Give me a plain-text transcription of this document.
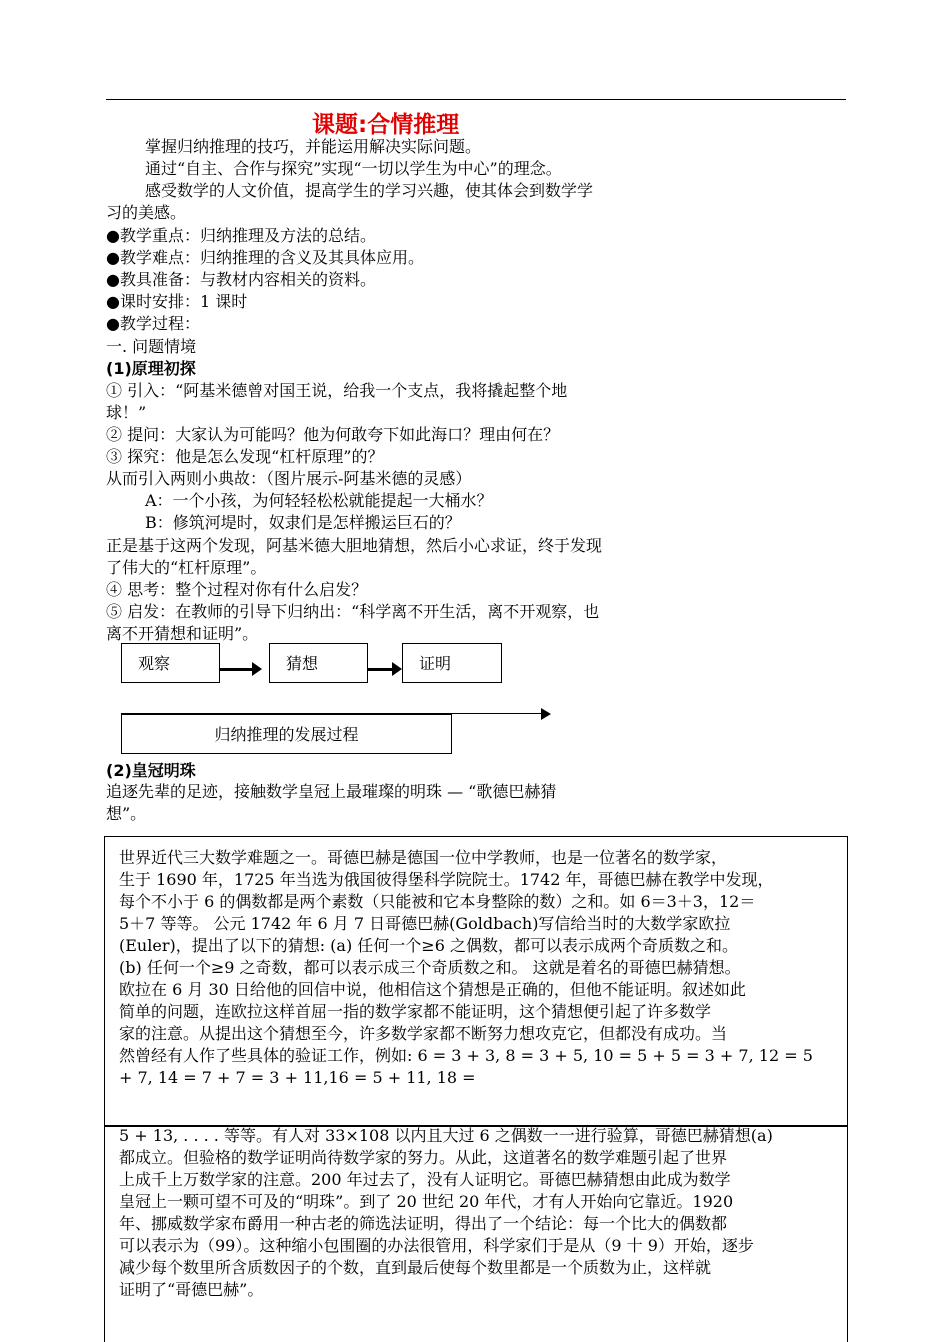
课题:合情推理
掌握归纳推理的技巧，并能运用解决实际问题。
通过“自主、合作与探究”实现“一切以学生为中心”的理念。
感受数学的人文价值，提高学生的学习兴趣，使其体会到数学学
习的美感。
●教学重点：归纳推理及方法的总结。
●教学难点：归纳推理的含义及其具体应用。
●教具准备：与教材内容相关的资料。
●课时安排：1 课时
●教学过程：
一. 问题情境
(1)原理初探
① 引入：“阿基米德曾对国王说，给我一个支点，我将撬起整个地
球！”
② 提问：大家认为可能吗？他为何敢夸下如此海口？理由何在？
③ 探究：他是怎么发现“杠杆原理”的？
从而引入两则小典故：（图片展示-阿基米德的灵感）
A：一个小孩，为何轻轻松松就能提起一大桶水？
B：修筑河堤时，奴隶们是怎样搬运巨石的？
正是基于这两个发现，阿基米德大胆地猜想，然后小心求证，终于发现
了伟大的“杠杆原理”。
④ 思考：整个过程对你有什么启发？
⑤ 启发：在教师的引导下归纳出：“科学离不开生活，离不开观察，也
离不开猜想和证明”。
观察	猜想	证明
归纳推理的发展过程
(2)皇冠明珠
追逐先辈的足迹，接触数学皇冠上最璀璨的明珠 — “歌德巴赫猜
想”。
世界近代三大数学难题之一。哥德巴赫是德国一位中学教师，也是一位著名的数学家，
生于 1690 年，1725 年当选为俄国彼得堡科学院院士。1742 年，哥德巴赫在教学中发现，
每个不小于 6 的偶数都是两个素数（只能被和它本身整除的数）之和。如 6＝3＋3，12＝
5＋7 等等。 公元 1742 年 6 月 7 日哥德巴赫(Goldbach)写信给当时的大数学家欧拉
(Euler)，提出了以下的猜想: (a) 任何一个≥6 之偶数，都可以表示成两个奇质数之和。
(b) 任何一个≥9 之奇数，都可以表示成三个奇质数之和。 这就是着名的哥德巴赫猜想。
欧拉在 6 月 30 日给他的回信中说，他相信这个猜想是正确的，但他不能证明。叙述如此
简单的问题，连欧拉这样首屈一指的数学家都不能证明，这个猜想便引起了许多数学
家的注意。从提出这个猜想至今，许多数学家都不断努力想攻克它，但都没有成功。当
然曾经有人作了些具体的验证工作，例如: 6 = 3 + 3, 8 = 3 + 5, 10 = 5 + 5 = 3 + 7, 12 = 5
+ 7, 14 = 7 + 7 = 3 + 11,16 = 5 + 11, 18 =
5 + 13, . . . . 等等。有人对 33×108 以内且大过 6 之偶数一一进行验算，哥德巴赫猜想(a)
都成立。但验格的数学证明尚待数学家的努力。从此，这道著名的数学难题引起了世界
上成千上万数学家的注意。200 年过去了，没有人证明它。哥德巴赫猜想由此成为数学
皇冠上一颗可望不可及的“明珠”。到了 20 世纪 20 年代，才有人开始向它靠近。1920
年、挪威数学家布爵用一种古老的筛选法证明，得出了一个结论：每一个比大的偶数都
可以表示为（99）。这种缩小包围圈的办法很管用，科学家们于是从（9 十 9）开始，逐步
减少每个数里所含质数因子的个数，直到最后使每个数里都是一个质数为止，这样就
证明了“哥德巴赫”。
